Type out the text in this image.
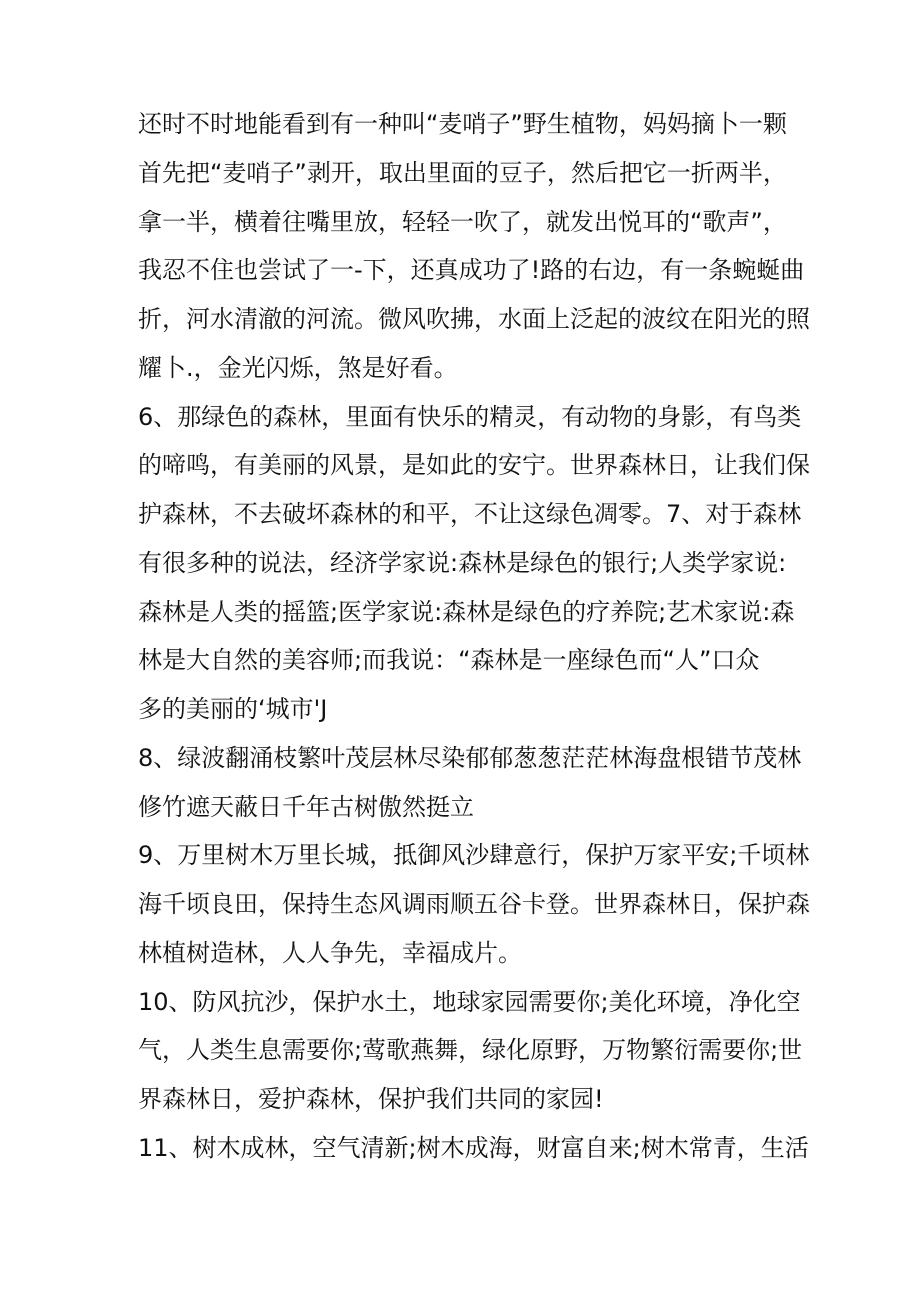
还时不时地能看到有一种叫“麦哨子”野生植物，妈妈摘卜一颗
首先把“麦哨子”剥开，取出里面的豆子，然后把它一折两半，
拿一半，横着往嘴里放，轻轻一吹了，就发出悦耳的“歌声”，
我忍不住也尝试了一-下，还真成功了!路的右边，有一条蜿蜒曲
折，河水清澈的河流。微风吹拂，水面上泛起的波纹在阳光的照
耀卜.，金光闪烁，煞是好看。
6、那绿色的森林，里面有快乐的精灵，有动物的身影，有鸟类
的啼鸣，有美丽的风景，是如此的安宁。世界森林日，让我们保
护森林，不去破坏森林的和平，不让这绿色凋零。7、对于森林
有很多种的说法，经济学家说:森林是绿色的银行;人类学家说:
森林是人类的摇篮;医学家说:森林是绿色的疗养院;艺术家说:森
林是大自然的美容师;而我说：“森林是一座绿色而“人”口众
多的美丽的‘城市'J
8、绿波翻涌枝繁叶茂层林尽染郁郁葱葱茫茫林海盘根错节茂林
修竹遮天蔽日千年古树傲然挺立
9、万里树木万里长城，抵御风沙肆意行，保护万家平安;千顷林
海千顷良田，保持生态风调雨顺五谷卡登。世界森林日，保护森
林植树造林，人人争先，幸福成片。
10、防风抗沙，保护水土，地球家园需要你;美化环境，净化空
气，人类生息需要你;莺歌燕舞，绿化原野，万物繁衍需要你;世
界森林日，爱护森林，保护我们共同的家园!
11、树木成林，空气清新;树木成海，财富自来;树木常青，生活
